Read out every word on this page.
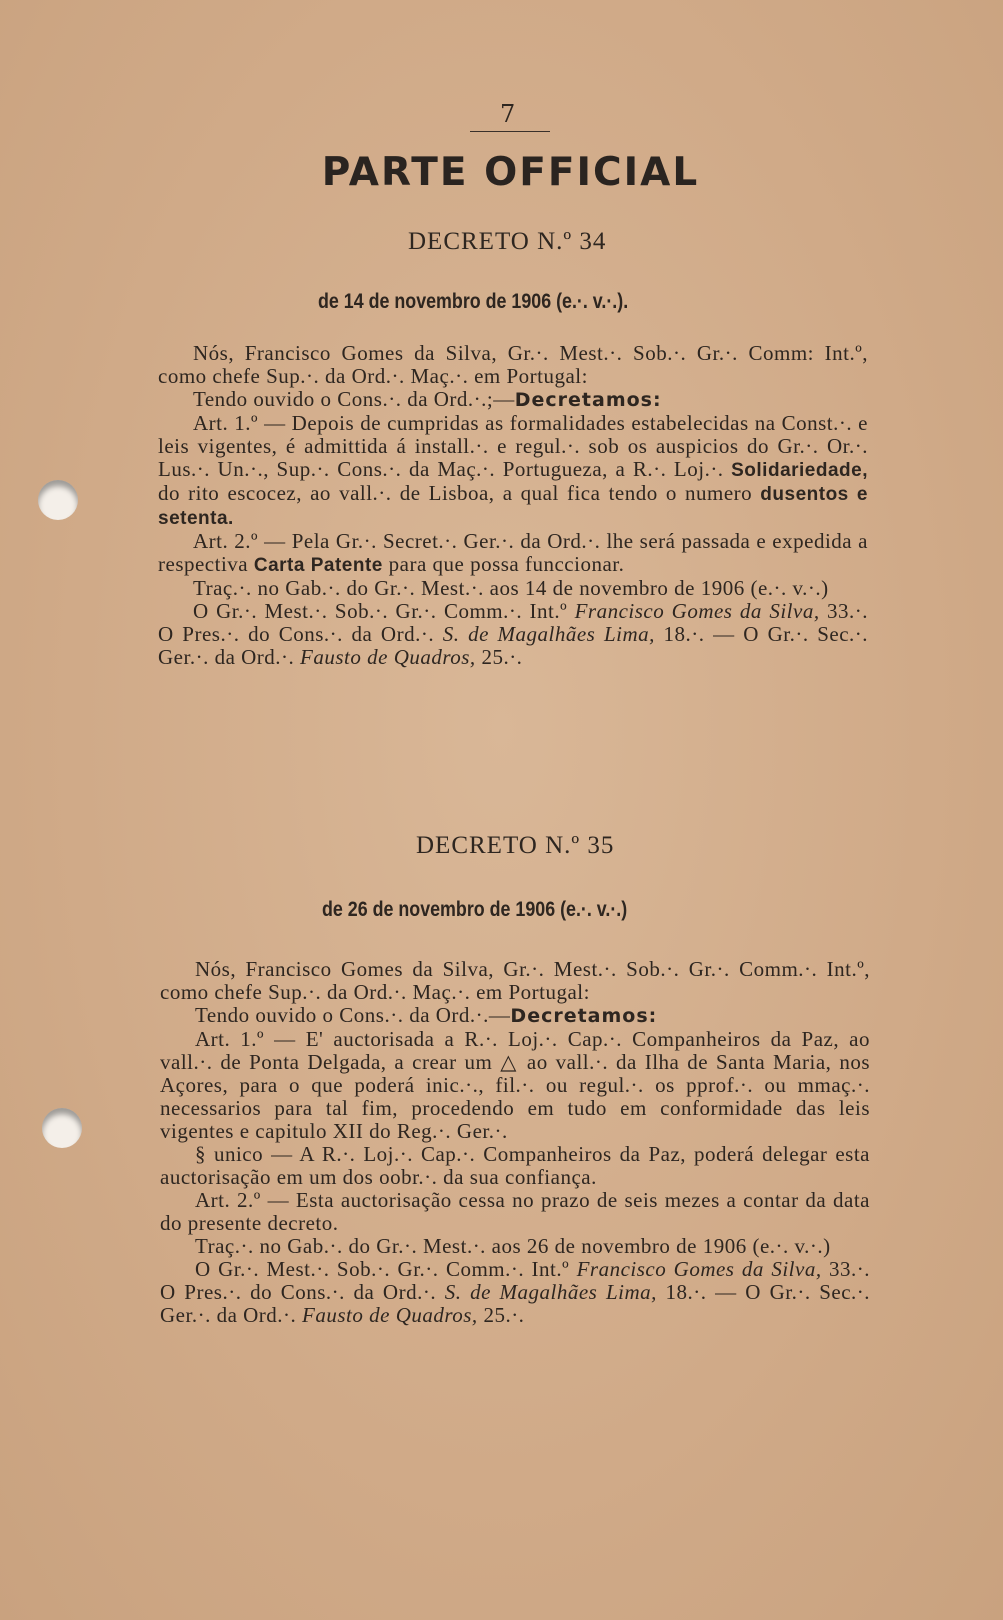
7
PARTE OFFICIAL
DECRETO N.º 34
de 14 de novembro de 1906 (e.·. v.·.).

Nós, Francisco Gomes da Silva, Gr.·. Mest.·. Sob.·. Gr.·. Comm: Int.º, como chefe Sup.·. da Ord.·. Maç.·. em Portugal:

Tendo ouvido o Cons.·. da Ord.·.;—Decretamos:

Art. 1.º — Depois de cumpridas as formalidades estabelecidas na Const.·. e leis vigentes, é admittida á install.·. e regul.·. sob os auspicios do Gr.·. Or.·. Lus.·. Un.·., Sup.·. Cons.·. da Maç.·. Portugueza, a R.·. Loj.·. Solidariedade, do rito escocez, ao vall.·. de Lisboa, a qual fica tendo o numero dusentos e setenta.

Art. 2.º — Pela Gr.·. Secret.·. Ger.·. da Ord.·. lhe será passada e expedida a respectiva Carta Patente para que possa funccionar.

Traç.·. no Gab.·. do Gr.·. Mest.·. aos 14 de novembro de 1906 (e.·. v.·.)

O Gr.·. Mest.·. Sob.·. Gr.·. Comm.·. Int.º Francisco Gomes da Silva, 33.·. O Pres.·. do Cons.·. da Ord.·. S. de Magalhães Lima, 18.·. — O Gr.·. Sec.·. Ger.·. da Ord.·. Fausto de Quadros, 25.·.

DECRETO N.º 35
de 26 de novembro de 1906 (e.·. v.·.)

Nós, Francisco Gomes da Silva, Gr.·. Mest.·. Sob.·. Gr.·. Comm.·. Int.º, como chefe Sup.·. da Ord.·. Maç.·. em Portugal:

Tendo ouvido o Cons.·. da Ord.·.—Decretamos:

Art. 1.º — E' auctorisada a R.·. Loj.·. Cap.·. Companheiros da Paz, ao vall.·. de Ponta Delgada, a crear um △ ao vall.·. da Ilha de Santa Maria, nos Açores, para o que poderá inic.·., fil.·. ou regul.·. os pprof.·. ou mmaç.·. necessarios para tal fim, procedendo em tudo em conformidade das leis vigentes e capitulo XII do Reg.·. Ger.·.

§ unico — A R.·. Loj.·. Cap.·. Companheiros da Paz, poderá delegar esta auctorisação em um dos oobr.·. da sua confiança.

Art. 2.º — Esta auctorisação cessa no prazo de seis mezes a contar da data do presente decreto.

Traç.·. no Gab.·. do Gr.·. Mest.·. aos 26 de novembro de 1906 (e.·. v.·.)

O Gr.·. Mest.·. Sob.·. Gr.·. Comm.·. Int.º Francisco Gomes da Silva, 33.·. O Pres.·. do Cons.·. da Ord.·. S. de Magalhães Lima, 18.·. — O Gr.·. Sec.·. Ger.·. da Ord.·. Fausto de Quadros, 25.·.
